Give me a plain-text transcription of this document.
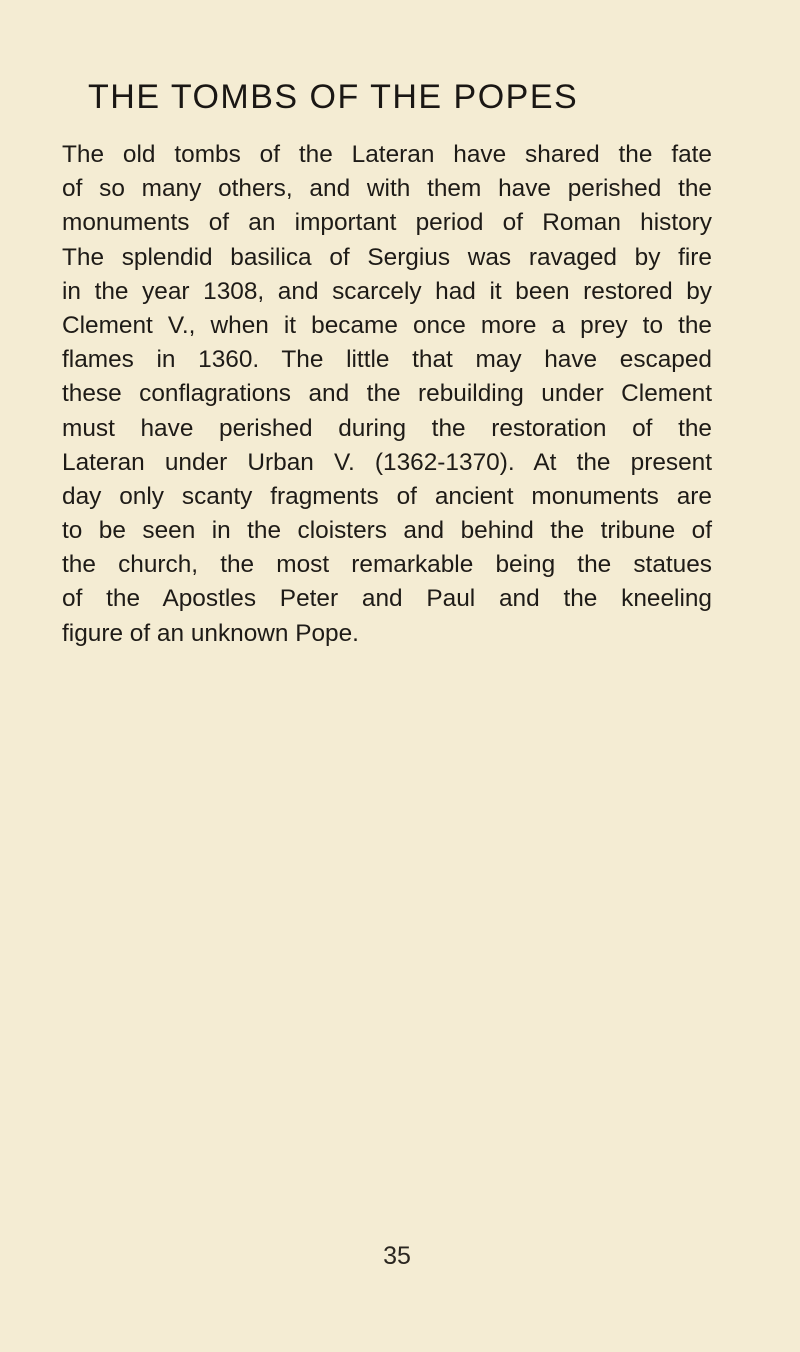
THE TOMBS OF THE POPES
The old tombs of the Lateran have shared the fate
of so many others, and with them have perished the
monuments of an important period of Roman history
The splendid basilica of Sergius was ravaged by fire
in the year 1308, and scarcely had it been restored by
Clement V., when it became once more a prey to the
flames in 1360. The little that may have escaped
these conflagrations and the rebuilding under Clement
must have perished during the restoration of the
Lateran under Urban V. (1362-1370). At the present
day only scanty fragments of ancient monuments are
to be seen in the cloisters and behind the tribune of
the church, the most remarkable being the statues
of the Apostles Peter and Paul and the kneeling
figure of an unknown Pope.
35
